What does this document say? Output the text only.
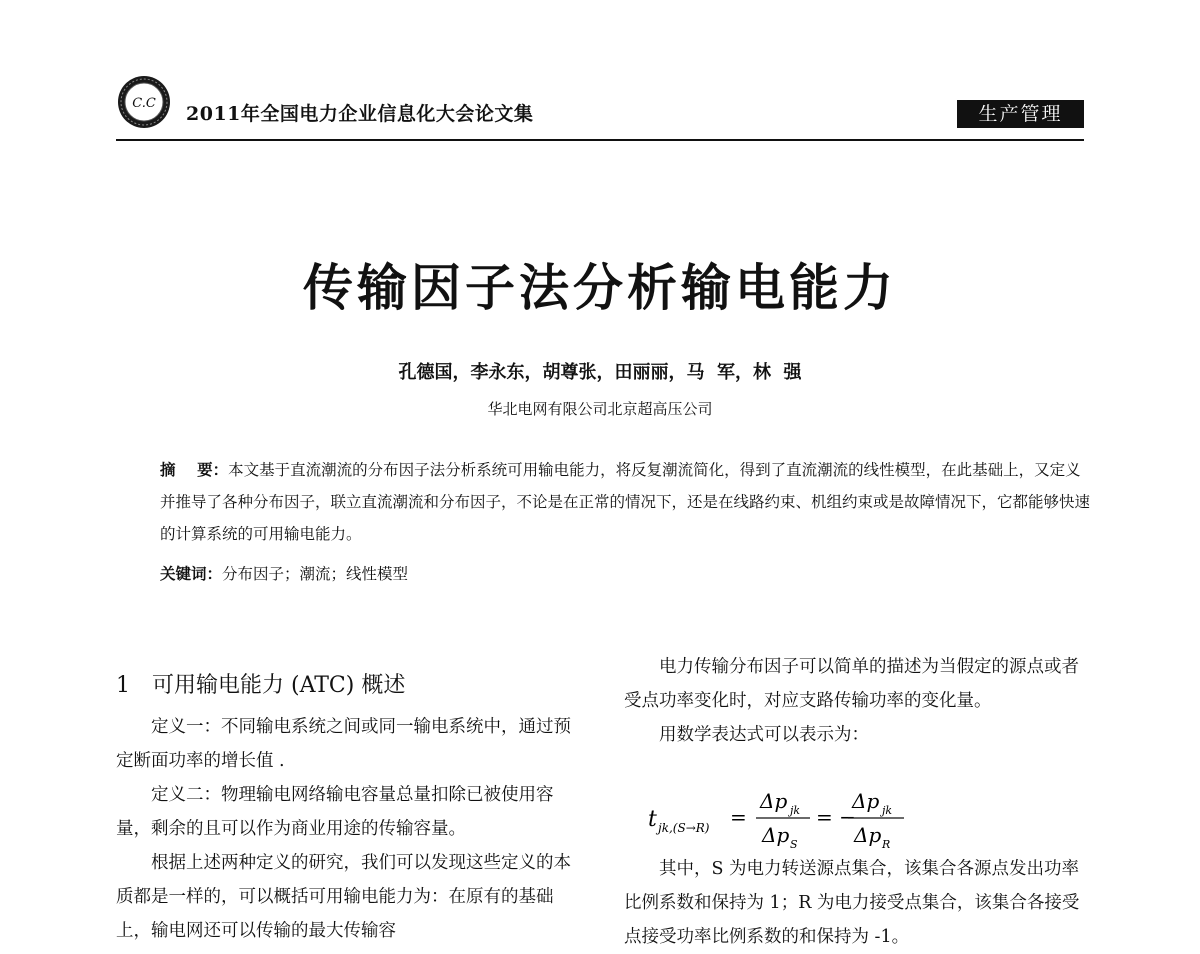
C.C 2011年全国电力企业信息化大会论文集	生产管理
传输因子法分析输电能力
孔德国，李永东，胡尊张，田丽丽，马  军，林  强
华北电网有限公司北京超高压公司
摘    要：本文基于直流潮流的分布因子法分析系统可用输电能力，将反复潮流简化，得到了直流潮流的线性模型，在此基础上，又定义并推导了各种分布因子，联立直流潮流和分布因子，不论是在正常的情况下，还是在线路约束、机组约束或是故障情况下，它都能够快速的计算系统的可用输电能力。
关键词：分布因子；潮流；线性模型
1 可用输电能力 (ATC) 概述

定义一：不同输电系统之间或同一输电系统中，通过预定断面功率的增长值 .

定义二：物理输电网络输电容量总量扣除已被使用容量，剩余的且可以作为商业用途的传输容量。

根据上述两种定义的研究，我们可以发现这些定义的本质都是一样的，可以概括可用输电能力为：在原有的基础上，输电网还可以传输的最大传输容

电力传输分布因子可以简单的描述为当假定的源点或者受点功率变化时，对应支路传输功率的变化量。

用数学表达式可以表示为：

t jk,(S→R) =
Δp jk
Δp S
= −
Δp jk
Δp R

其中，S 为电力转送源点集合，该集合各源点发出功率比例系数和保持为 1；R 为电力接受点集合，该集合各接受点接受功率比例系数的和保持为 -1。
